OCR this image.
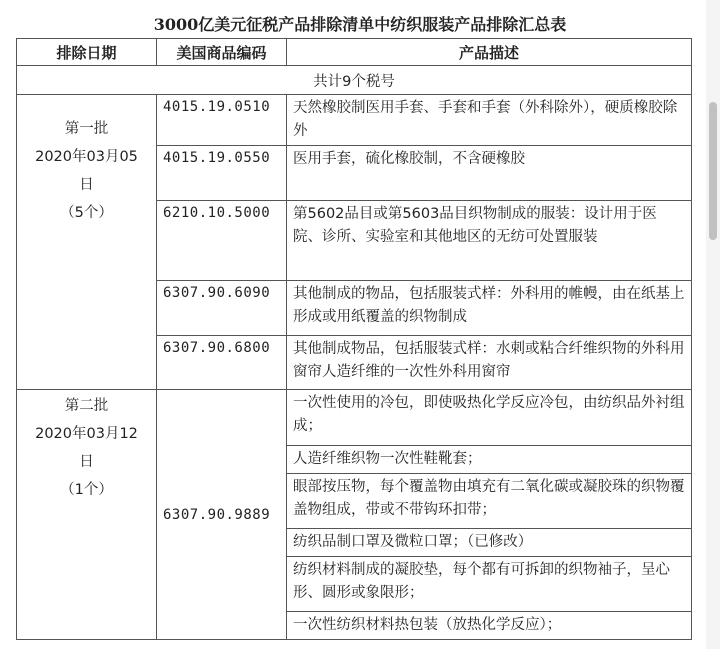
3000亿美元征税产品排除清单中纺织服装产品排除汇总表
排除日期	美国商品编码	产品描述
共计9个税号		

第一批
2020年03月05
日
（5个）	4015.19.0510	天然橡胶制医用手套、手套和手套（外科除外），硬质橡胶除外
	4015.19.0550	医用手套，硫化橡胶制，不含硬橡胶
	6210.10.5000	第5602品目或第5603品目织物制成的服装：设计用于医院、诊所、实验室和其他地区的无纺可处置服装
	6307.90.6090	其他制成的物品，包括服装式样：外科用的帷幔，由在纸基上形成或用纸覆盖的织物制成
	6307.90.6800	其他制成物品，包括服装式样：水刺或粘合纤维织物的外科用窗帘人造纤维的一次性外科用窗帘

第二批
2020年03月12
日
（1个）	6307.90.9889	一次性使用的冷包，即使吸热化学反应冷包，由纺织品外衬组成；
		人造纤维织物一次性鞋靴套；
		眼部按压物，每个覆盖物由填充有二氧化碳或凝胶珠的织物覆盖物组成，带或不带钩环扣带；
		纺织品制口罩及微粒口罩；（已修改）
		纺织材料制成的凝胶垫，每个都有可拆卸的织物袖子，呈心形、圆形或象限形；
		一次性纺织材料热包装（放热化学反应）；
